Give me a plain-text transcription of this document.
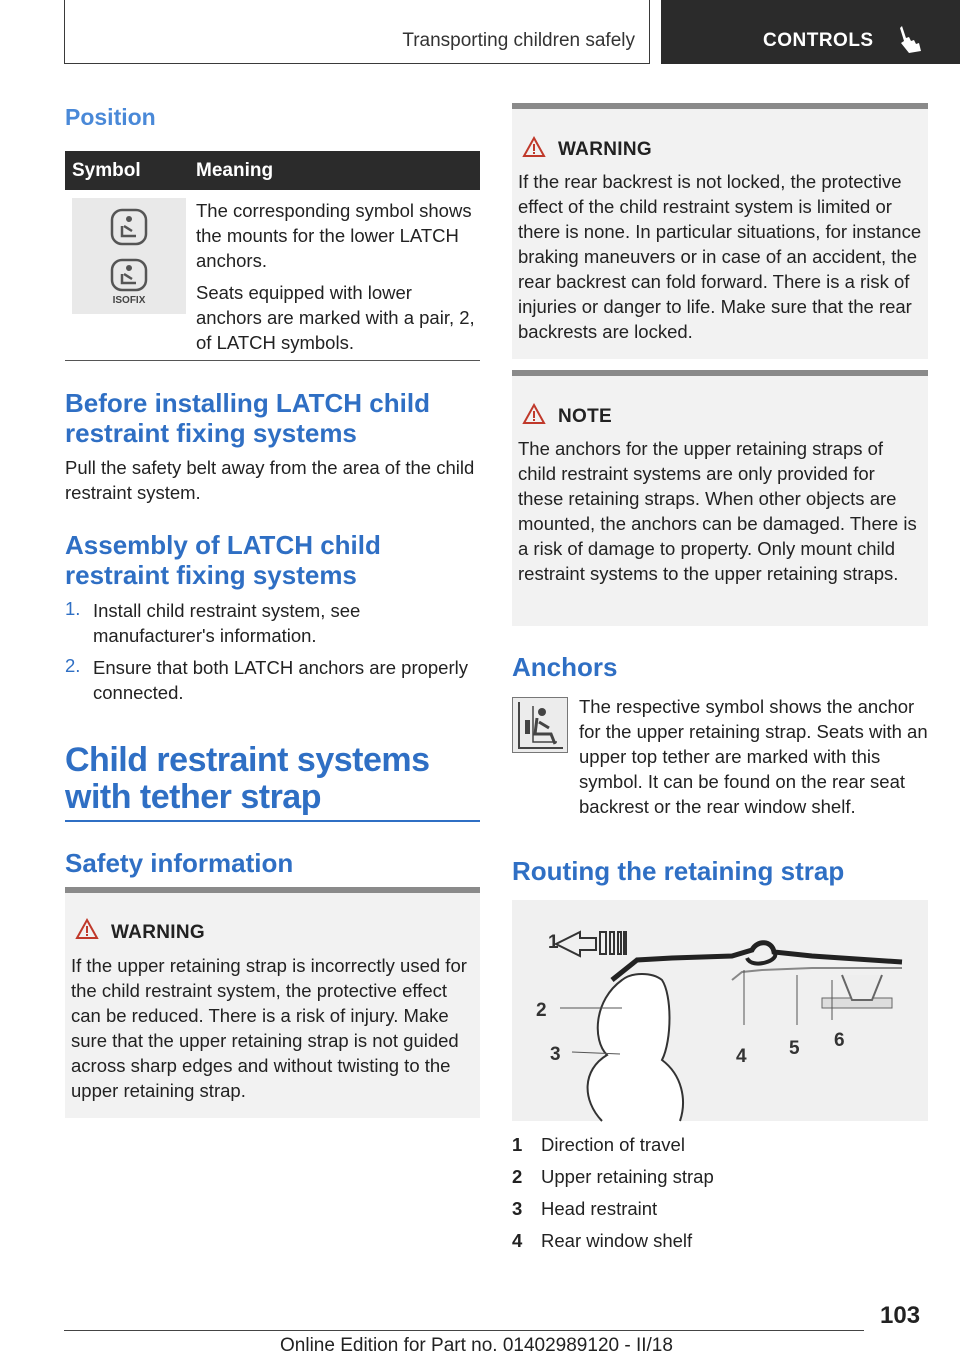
Transporting children safely	CONTROLS
Position
Symbol	Meaning
ISOFIX
The corresponding symbol shows the mounts for the lower LATCH anchors.
Seats equipped with lower anchors are marked with a pair, 2, of LATCH symbols.
Before installing LATCH child restraint fixing systems
Pull the safety belt away from the area of the child restraint system.
Assembly of LATCH child restraint fixing systems
1. Install child restraint system, see manufacturer's information.
2. Ensure that both LATCH anchors are properly connected.
Child restraint systems with tether strap
Safety information
WARNING
If the upper retaining strap is incorrectly used for the child restraint system, the protective effect can be reduced. There is a risk of injury. Make sure that the upper retaining strap is not guided across sharp edges and without twisting to the upper retaining strap.
WARNING
If the rear backrest is not locked, the protective effect of the child restraint system is limited or there is none. In particular situations, for instance braking maneuvers or in case of an accident, the rear backrest can fold forward. There is a risk of injuries or danger to life. Make sure that the rear backrests are locked.
NOTE
The anchors for the upper retaining straps of child restraint systems are only provided for these retaining straps. When other objects are mounted, the anchors can be damaged. There is a risk of damage to property. Only mount child restraint systems to the upper retaining straps.
Anchors
The respective symbol shows the anchor for the upper retaining strap. Seats with an upper top tether are marked with this symbol. It can be found on the rear seat backrest or the rear window shelf.
Routing the retaining strap
1
2
3	4 5 6
1 Direction of travel
2 Upper retaining strap
3 Head restraint
4 Rear window shelf
103
Online Edition for Part no. 01402989120 - II/18
